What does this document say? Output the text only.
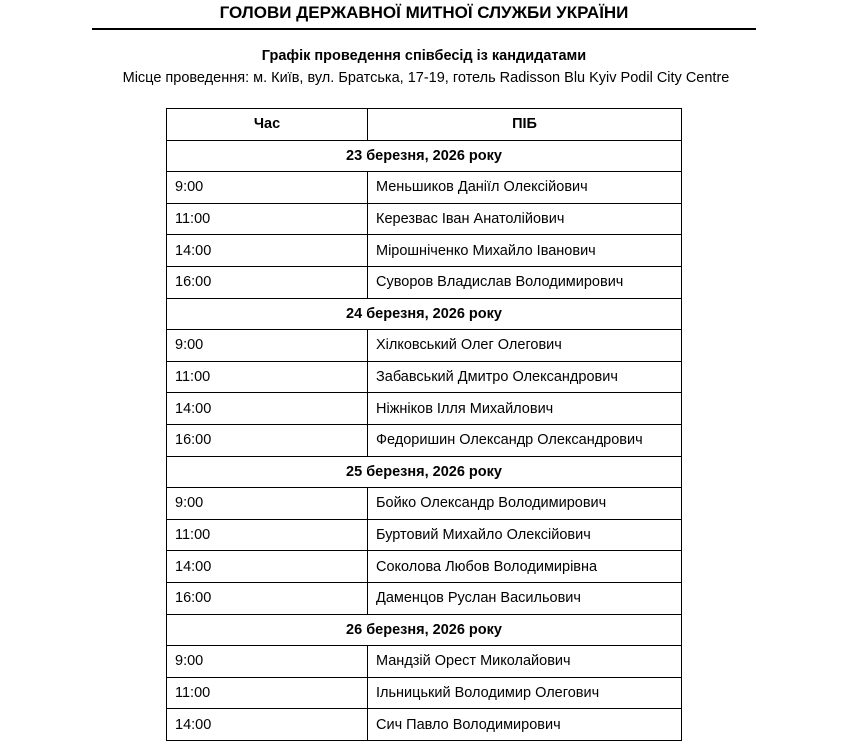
ГОЛОВИ ДЕРЖАВНОЇ МИТНОЇ СЛУЖБИ УКРАЇНИ
Графік проведення співбесід із кандидатами
Місце проведення: м. Київ, вул. Братська, 17-19, готель Radisson Blu Kyiv Podil City Centre
Час	ПІБ
23 березня, 2026 року	
9:00	Меньшиков Даніїл Олексійович
11:00	Керезвас Іван Анатолійович
14:00	Мірошніченко Михайло Іванович
16:00	Суворов Владислав Володимирович
24 березня, 2026 року	
9:00	Хілковський Олег Олегович
11:00	Забавський Дмитро Олександрович
14:00	Ніжніков Ілля Михайлович
16:00	Федоришин Олександр Олександрович
25 березня, 2026 року	
9:00	Бойко Олександр Володимирович
11:00	Буртовий Михайло Олексійович
14:00	Соколова Любов Володимирівна
16:00	Даменцов Руслан Васильович
26 березня, 2026 року	
9:00	Мандзій Орест Миколайович
11:00	Ільницький Володимир Олегович
14:00	Сич Павло Володимирович
